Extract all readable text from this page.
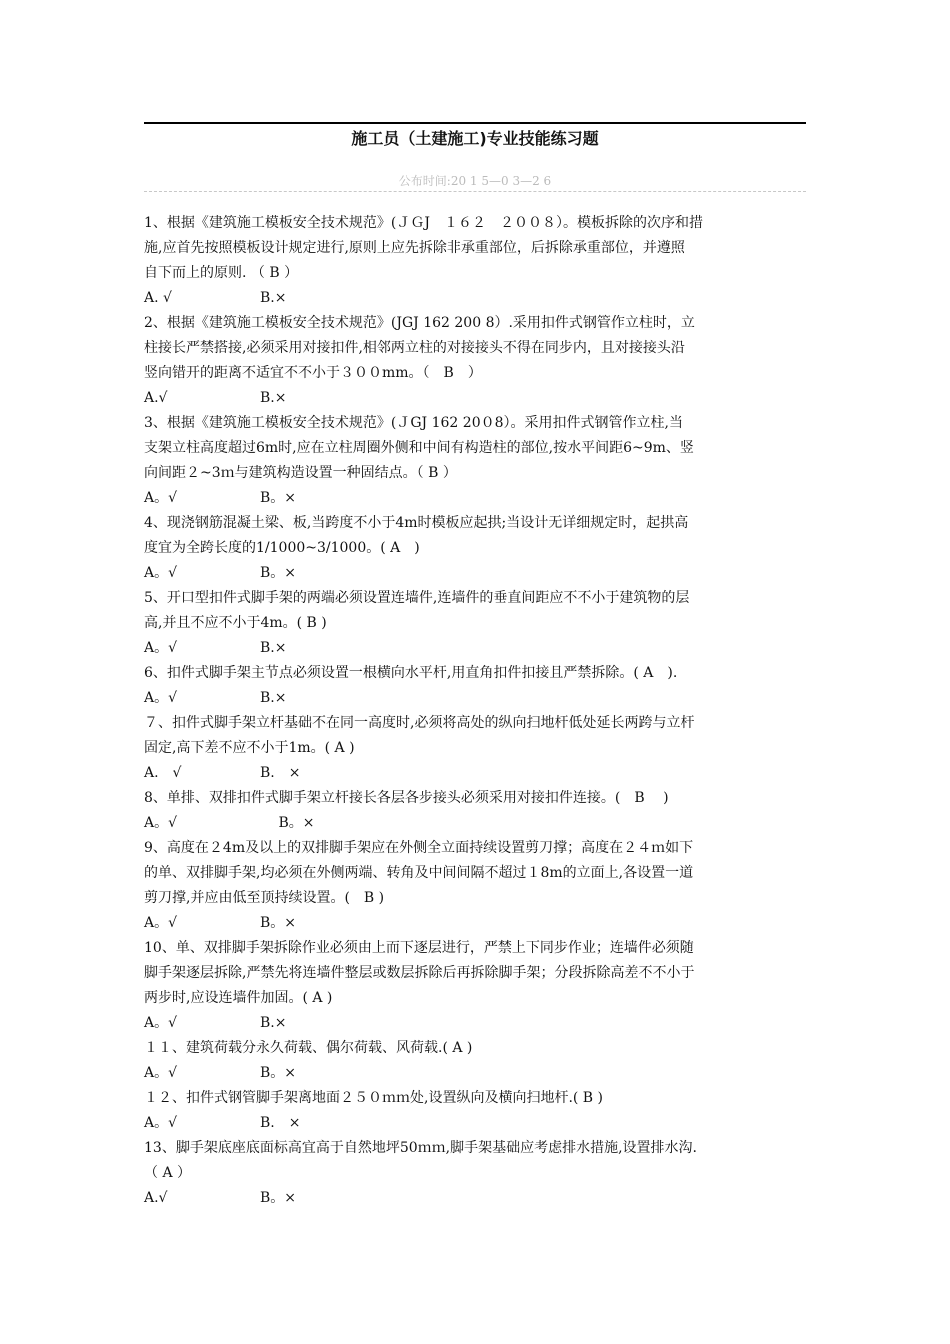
施工员（土建施工)专业技能练习题
公布时间:20 1 5—0 3—2 6
1、根据《建筑施工模板安全技术规范》(ＪＧJ　１６２　２００８）。模板拆除的次序和措
施,应首先按照模板设计规定进行,原则上应先拆除非承重部位，后拆除承重部位，并遵照
自下而上的原则. （ B ）
A. √	B.×
2、根据《建筑施工模板安全技术规范》(JGJ 162 200 8）.采用扣件式钢管作立柱时，立
柱接长严禁搭接,必须采用对接扣件,相邻两立柱的对接接头不得在同步内，且对接接头沿
竖向错开的距离不适宜不不小于３００mm。（　B　）
A.√	B.×
3、根据《建筑施工模板安全技术规范》(ＪGJ 162 20０8）。采用扣件式钢管作立柱,当
支架立柱高度超过6m时,应在立柱周圈外侧和中间有构造柱的部位,按水平间距6~9m、竖
向间距２~3ｍ与建筑构造设置一种固结点。（ B ）
A。√	B。×
4、现浇钢筋混凝土梁、板,当跨度不小于4m时模板应起拱;当设计无详细规定时，起拱高
度宜为全跨长度的1/1000~3/1000。( A　)
A。√	B。×
5、开口型扣件式脚手架的两端必须设置连墙件,连墙件的垂直间距应不不小于建筑物的层
高,并且不应不小于4m。( B )
A。√	B.×
6、扣件式脚手架主节点必须设置一根横向水平杆,用直角扣件扣接且严禁拆除。( A　).
A。√	B.×
７、扣件式脚手架立杆基础不在同一高度时,必须将高处的纵向扫地杆低处延长两跨与立杆
固定,高下差不应不小于1m。( A )
A.　√	B.　×
8、单排、双排扣件式脚手架立杆接长各层各步接头必须采用对接扣件连接。(　B　 )
A。√	　 B。×
9、高度在２4m及以上的双排脚手架应在外侧全立面持续设置剪刀撑；高度在２４ｍ如下
的单、双排脚手架,均必须在外侧两端、转角及中间间隔不超过１8m的立面上,各设置一道
剪刀撑,并应由低至顶持续设置。(　B )
A。√	B。×
10、单、双排脚手架拆除作业必须由上而下逐层进行，严禁上下同步作业；连墙件必须随
脚手架逐层拆除,严禁先将连墙件整层或数层拆除后再拆除脚手架；分段拆除高差不不小于
两步时,应设连墙件加固。( A )
A。√	B.×
１１、建筑荷载分永久荷载、偶尔荷载、风荷载.( A )
A。√	B。×
１２、扣件式钢管脚手架离地面２５０ｍｍ处,设置纵向及横向扫地杆.( B )
A。√	B.　×
13、脚手架底座底面标高宜高于自然地坪50ｍｍ,脚手架基础应考虑排水措施,设置排水沟.
（ A ）
A.√	B。×
